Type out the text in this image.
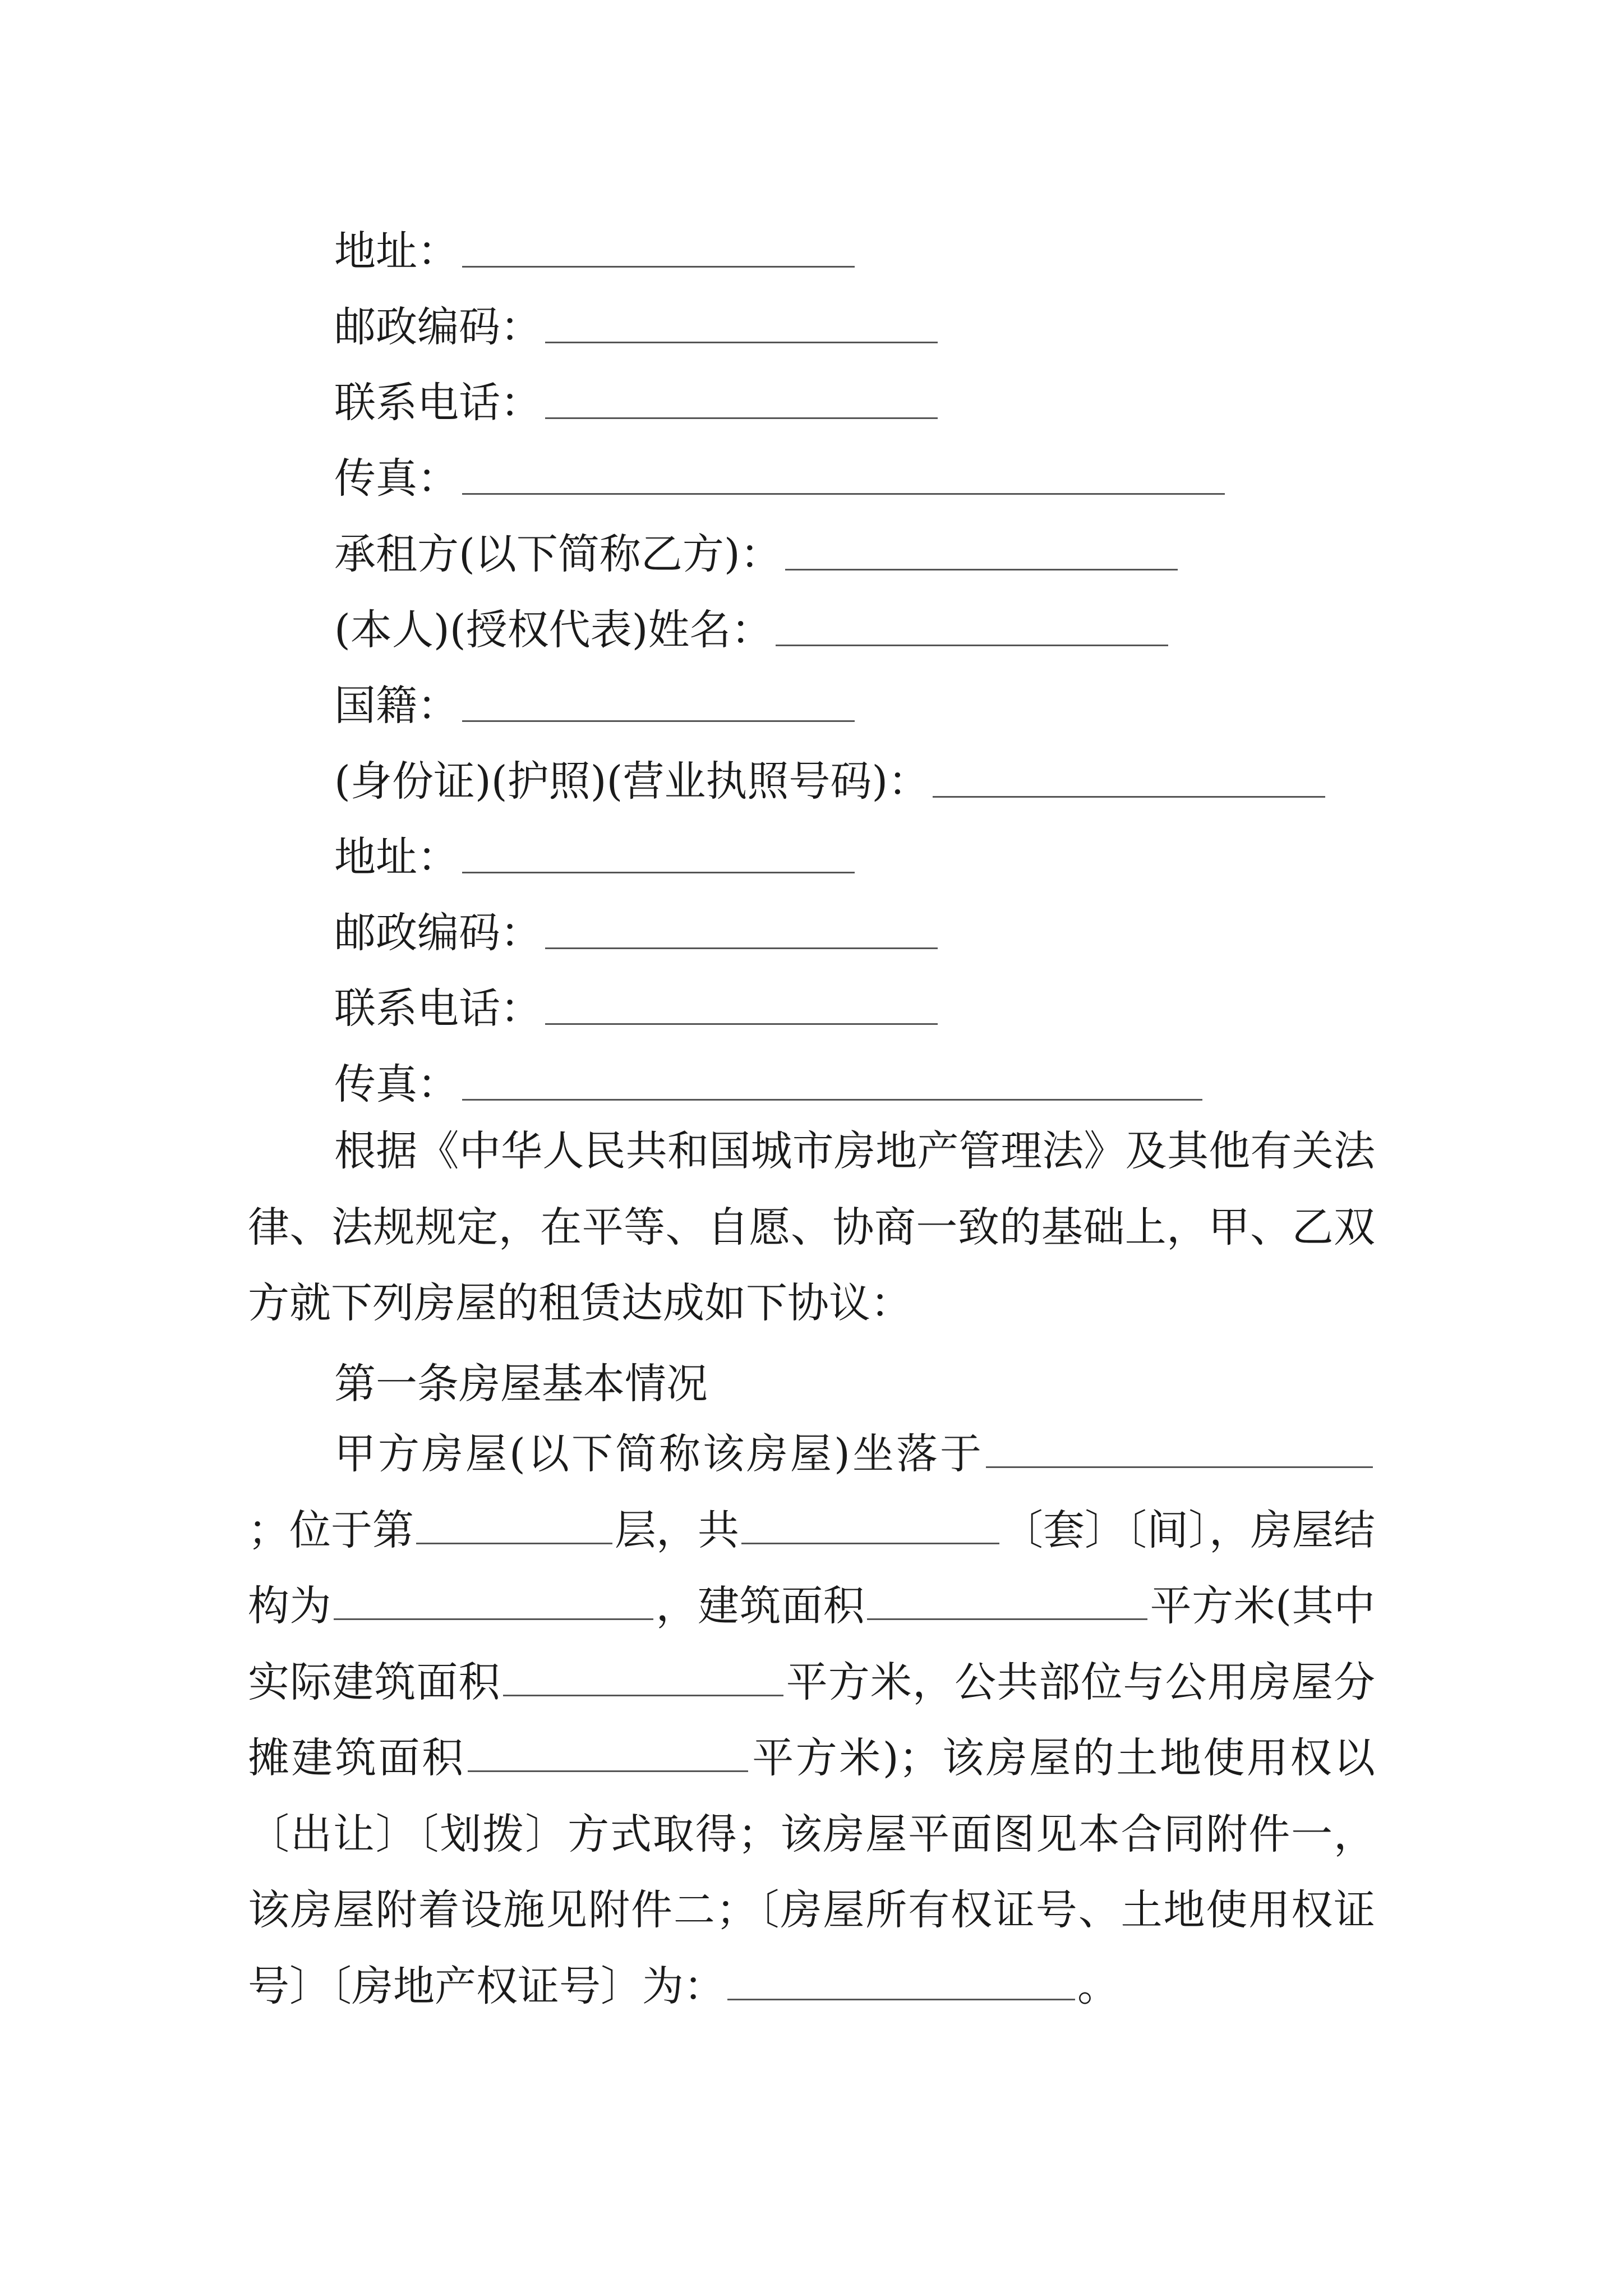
地址：
邮政编码：
联系电话：
传真：
承租方(以下简称乙方)：
(本人)(授权代表)姓名：
国籍：
(身份证)(护照)(营业执照号码)：
地址：
邮政编码：
联系电话：
传真：

根据《中华人民共和国城市房地产管理法》及其他有关法律、法规规定，在平等、自愿、协商一致的基础上，甲、乙双方就下列房屋的租赁达成如下协议：

第一条房屋基本情况

甲方房屋(以下简称该房屋)坐落于；位于第	层，共	〔套〕〔间〕，房屋结构为	，建筑面积	平方米(其中实际建筑面积	平方米，公共部位与公用房屋分摊建筑面积	平方米)；该房屋的土地使用权以〔出让〕〔划拨〕方式取得；该房屋平面图见本合同附件一，该房屋附着设施见附件二；〔房屋所有权证号、土地使用权证号〕〔房地产权证号〕为：	。
